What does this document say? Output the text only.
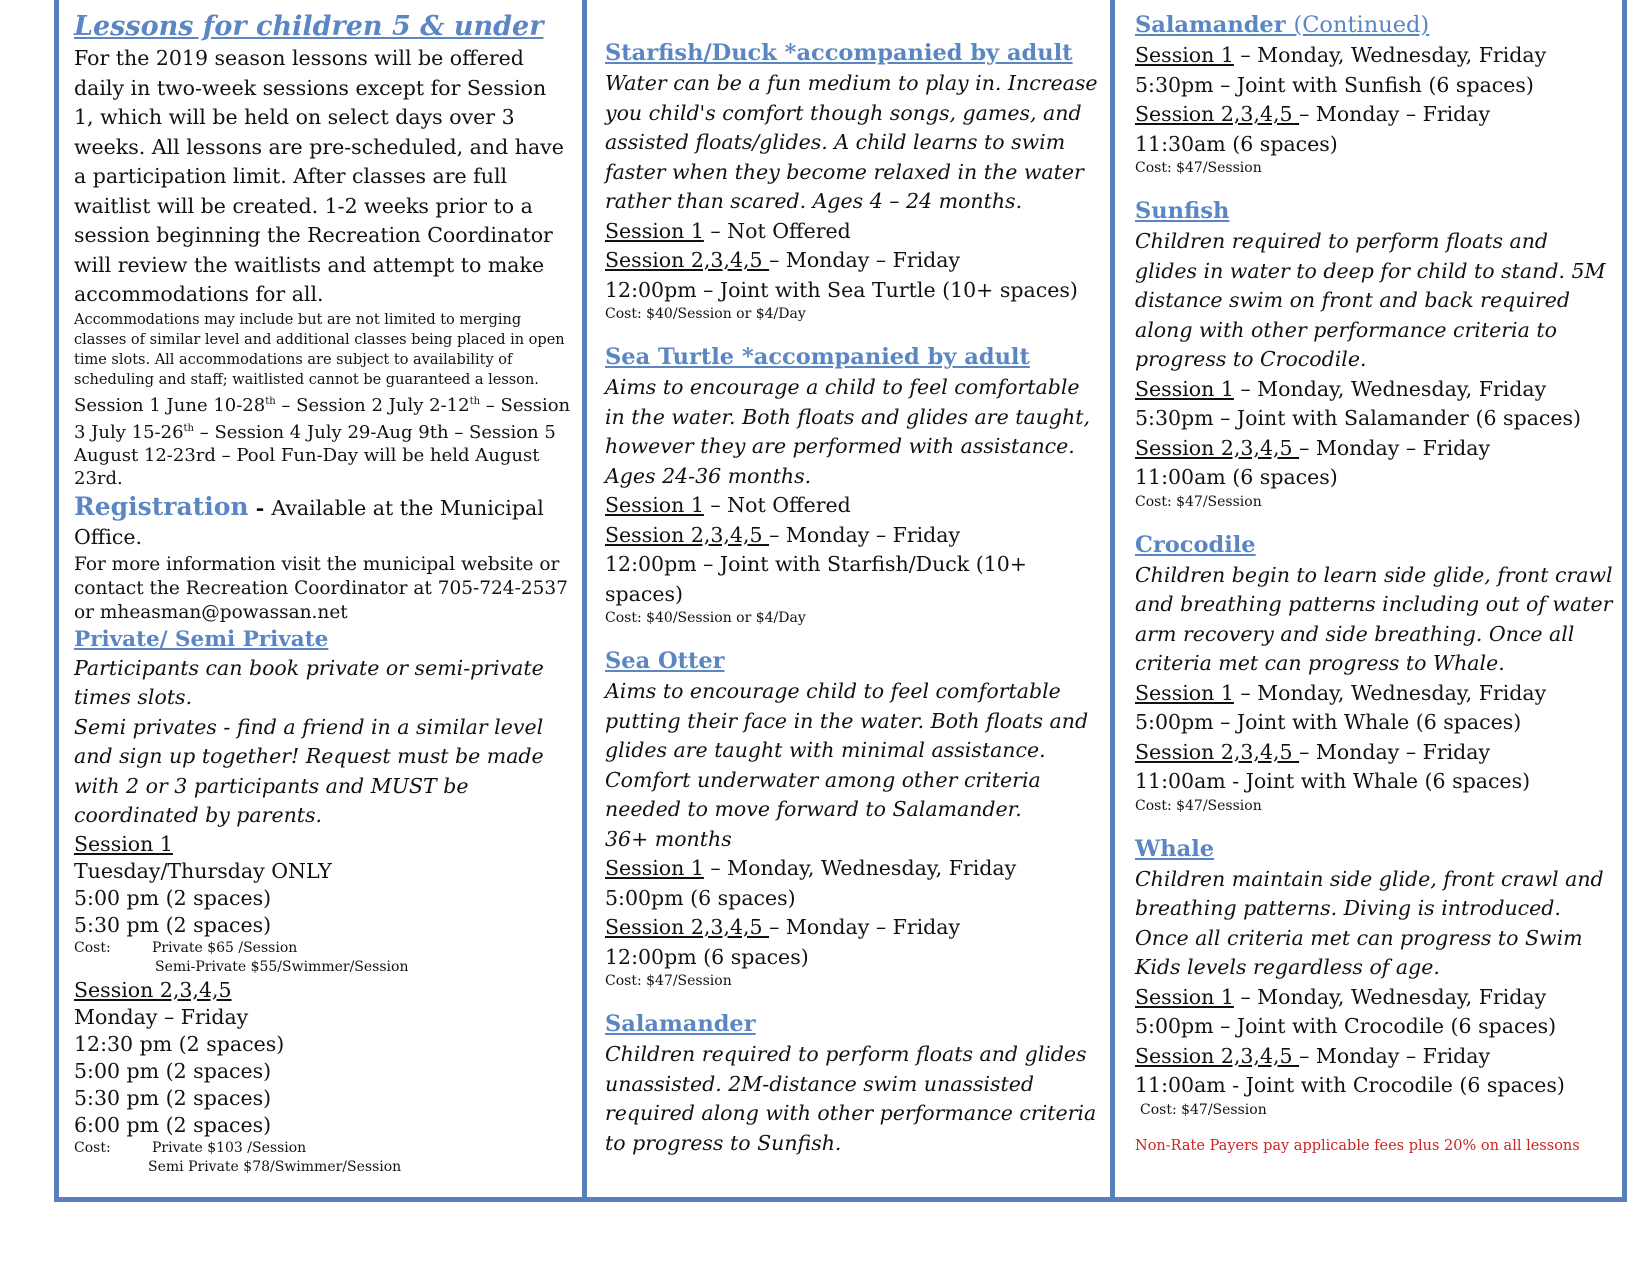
Lessons for children 5 & under

For the 2019 season lessons will be offered daily in two-week sessions except for Session 1, which will be held on select days over 3 weeks. All lessons are pre-scheduled, and have a participation limit. After classes are full waitlist will be created. 1-2 weeks prior to a session beginning the Recreation Coordinator will review the waitlists and attempt to make accommodations for all.

Accommodations may include but are not limited to merging classes of similar level and additional classes being placed in open time slots. All accommodations are subject to availability of scheduling and staff; waitlisted cannot be guaranteed a lesson.

Session 1 June 10-28th – Session 2 July 2-12th – Session 3 July 15-26th – Session 4 July 29-Aug 9th – Session 5 August 12-23rd – Pool Fun-Day will be held August 23rd.

Registration - Available at the Municipal Office.

For more information visit the municipal website or contact the Recreation Coordinator at 705-724-2537 or mheasman@powassan.net

Private/ Semi Private

Participants can book private or semi-private times slots.

Semi privates - find a friend in a similar level and sign up together! Request must be made with 2 or 3 participants and MUST be coordinated by parents.

Session 1

Tuesday/Thursday ONLY

5:00 pm (2 spaces)

5:30 pm (2 spaces)

Cost:	Private $65 /Session
Semi-Private $55/Swimmer/Session

Session 2,3,4,5

Monday – Friday

12:30 pm (2 spaces)

5:00 pm (2 spaces)

5:30 pm (2 spaces)

6:00 pm (2 spaces)

Cost:	Private $103 /Session
Semi Private $78/Swimmer/Session

Starfish/Duck *accompanied by adult

Water can be a fun medium to play in. Increase you child's comfort though songs, games, and assisted floats/glides. A child learns to swim faster when they become relaxed in the water rather than scared. Ages 4 – 24 months.

Session 1 – Not Offered

Session 2,3,4,5 – Monday – Friday

12:00pm – Joint with Sea Turtle (10+ spaces)

Cost: $40/Session or $4/Day

Sea Turtle *accompanied by adult

Aims to encourage a child to feel comfortable in the water. Both floats and glides are taught, however they are performed with assistance. Ages 24-36 months.

Session 1 – Not Offered

Session 2,3,4,5 – Monday – Friday

12:00pm – Joint with Starfish/Duck (10+ spaces)

Cost: $40/Session or $4/Day

Sea Otter

Aims to encourage child to feel comfortable putting their face in the water. Both floats and glides are taught with minimal assistance. Comfort underwater among other criteria needed to move forward to Salamander.

36+ months

Session 1 – Monday, Wednesday, Friday

5:00pm (6 spaces)

Session 2,3,4,5 – Monday – Friday

12:00pm (6 spaces)

Cost: $47/Session

Salamander

Children required to perform floats and glides unassisted. 2M-distance swim unassisted required along with other performance criteria to progress to Sunfish.

Salamander (Continued)

Session 1 – Monday, Wednesday, Friday

5:30pm – Joint with Sunfish (6 spaces)

Session 2,3,4,5 – Monday – Friday

11:30am (6 spaces)

Cost: $47/Session

Sunfish

Children required to perform floats and glides in water to deep for child to stand. 5M distance swim on front and back required along with other performance criteria to progress to Crocodile.

Session 1 – Monday, Wednesday, Friday

5:30pm – Joint with Salamander (6 spaces)

Session 2,3,4,5 – Monday – Friday

11:00am (6 spaces)

Cost: $47/Session

Crocodile

Children begin to learn side glide, front crawl and breathing patterns including out of water arm recovery and side breathing. Once all criteria met can progress to Whale.

Session 1 – Monday, Wednesday, Friday

5:00pm – Joint with Whale (6 spaces)

Session 2,3,4,5 – Monday – Friday

11:00am - Joint with Whale (6 spaces)

Cost: $47/Session

Whale

Children maintain side glide, front crawl and breathing patterns. Diving is introduced. Once all criteria met can progress to Swim Kids levels regardless of age.

Session 1 – Monday, Wednesday, Friday

5:00pm – Joint with Crocodile (6 spaces)

Session 2,3,4,5 – Monday – Friday

11:00am - Joint with Crocodile (6 spaces)

Cost: $47/Session

Non-Rate Payers pay applicable fees plus 20% on all lessons
